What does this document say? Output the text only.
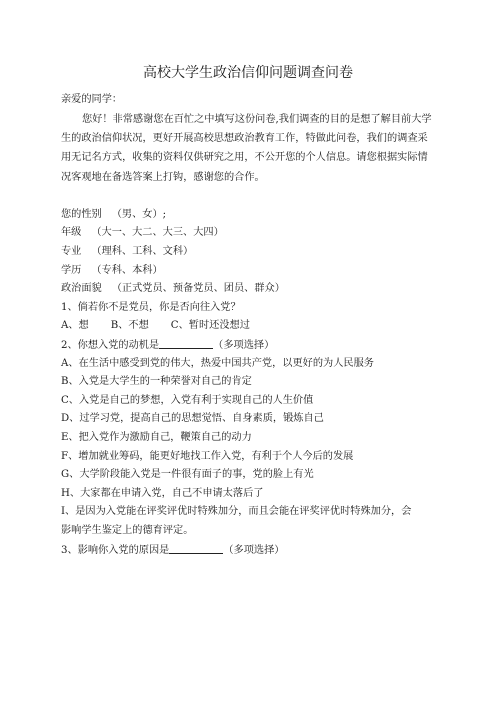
高校大学生政治信仰问题调查问卷
亲爱的同学：
您好！非常感谢您在百忙之中填写这份问卷,我们调查的目的是想了解目前大学生的政治信仰状况，更好开展高校思想政治教育工作，特做此问卷，我们的调查采用无记名方式，收集的资料仅供研究之用，不公开您的个人信息。请您根据实际情况客观地在备选答案上打钩，感谢您的合作。
您的性别 （男、女）;
年级 （大一、大二、大三、大四）
专业 （理科、工科、文科）
学历 （专科、本科）
政治面貌 （正式党员、预备党员、团员、群众）
1、倘若你不是党员，你是否向往入党？
A、想 B、不想 C、暂时还没想过
2、你想入党的动机是	（多项选择）
A、在生活中感受到党的伟大，热爱中国共产党，以更好的为人民服务
B、入党是大学生的一种荣誉对自己的肯定
C、入党是自己的梦想，入党有利于实现自己的人生价值
D、过学习党，提高自己的思想觉悟、自身素质，锻炼自己
E、把入党作为激励自己，鞭策自己的动力
F、增加就业筹码，能更好地找工作入党，有利于个人今后的发展
G、大学阶段能入党是一件很有面子的事，党的脸上有光
H、大家都在申请入党，自己不申请太落后了
I、是因为入党能在评奖评优时特殊加分，而且会能在评奖评优时特殊加分，会
影响学生鉴定上的德育评定。
3、影响你入党的原因是	（多项选择）
